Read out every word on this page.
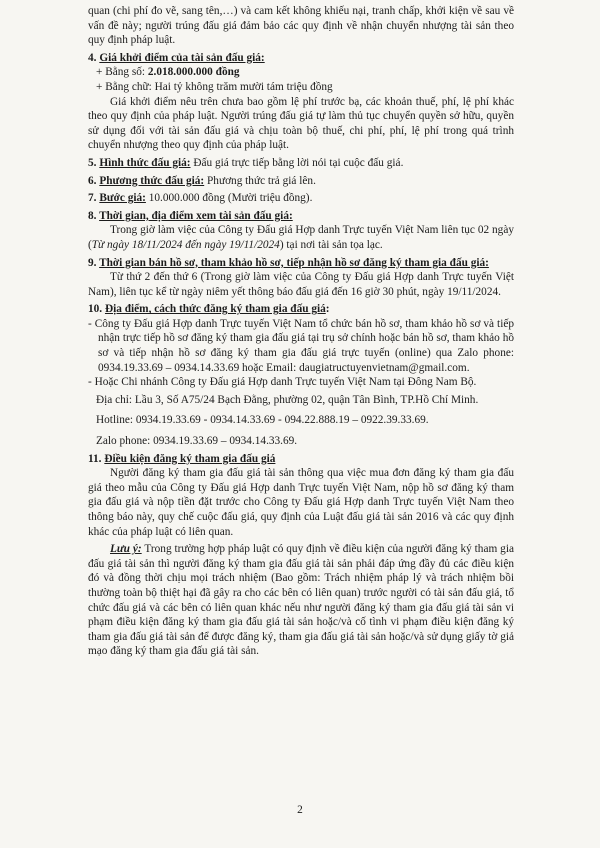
quan (chi phí đo vẽ, sang tên,…) và cam kết không khiếu nại, tranh chấp, khởi kiện về sau về vấn đề này; người trúng đấu giá đảm bảo các quy định về nhận chuyển nhượng tài sản theo quy định pháp luật.

4. Giá khởi điểm của tài sản đấu giá:

+ Bằng số: 2.018.000.000 đồng

+ Bằng chữ: Hai tỷ không trăm mười tám triệu đồng

Giá khởi điểm nêu trên chưa bao gồm lệ phí trước bạ, các khoản thuế, phí, lệ phí khác theo quy định của pháp luật. Người trúng đấu giá tự làm thủ tục chuyển quyền sở hữu, quyền sử dụng đối với tài sản đấu giá và chịu toàn bộ thuế, chi phí, phí, lệ phí trong quá trình chuyển nhượng theo quy định của pháp luật.

5. Hình thức đấu giá: Đấu giá trực tiếp bằng lời nói tại cuộc đấu giá.

6. Phương thức đấu giá: Phương thức trả giá lên.

7. Bước giá: 10.000.000 đồng (Mười triệu đồng).

8. Thời gian, địa điểm xem tài sản đấu giá:

Trong giờ làm việc của Công ty Đấu giá Hợp danh Trực tuyến Việt Nam liên tục 02 ngày (Từ ngày 18/11/2024 đến ngày 19/11/2024) tại nơi tài sản tọa lạc.

9. Thời gian bán hồ sơ, tham khảo hồ sơ, tiếp nhận hồ sơ đăng ký tham gia đấu giá:

Từ thứ 2 đến thứ 6 (Trong giờ làm việc của Công ty Đấu giá Hợp danh Trực tuyến Việt Nam), liên tục kể từ ngày niêm yết thông báo đấu giá đến 16 giờ 30 phút, ngày 19/11/2024.

10. Địa điểm, cách thức đăng ký tham gia đấu giá:

- Công ty Đấu giá Hợp danh Trực tuyến Việt Nam tổ chức bán hồ sơ, tham khảo hồ sơ và tiếp nhận trực tiếp hồ sơ đăng ký tham gia đấu giá tại trụ sở chính hoặc bán hồ sơ, tham khảo hồ sơ và tiếp nhận hồ sơ đăng ký tham gia đấu giá trực tuyến (online) qua Zalo phone: 0934.19.33.69 – 0934.14.33.69 hoặc Email: daugiatructuyenvietnam@gmail.com.

- Hoặc Chi nhánh Công ty Đấu giá Hợp danh Trực tuyến Việt Nam tại Đông Nam Bộ.

Địa chỉ: Lầu 3, Số A75/24 Bạch Đằng, phường 02, quận Tân Bình, TP.Hồ Chí Minh.

Hotline: 0934.19.33.69 - 0934.14.33.69 - 094.22.888.19 – 0922.39.33.69.

Zalo phone: 0934.19.33.69 – 0934.14.33.69.

11. Điều kiện đăng ký tham gia đấu giá

Người đăng ký tham gia đấu giá tài sản thông qua việc mua đơn đăng ký tham gia đấu giá theo mẫu của Công ty Đấu giá Hợp danh Trực tuyến Việt Nam, nộp hồ sơ đăng ký tham gia đấu giá và nộp tiền đặt trước cho Công ty Đấu giá Hợp danh Trực tuyến Việt Nam theo thông báo này, quy chế cuộc đấu giá, quy định của Luật đấu giá tài sản 2016 và các quy định khác của pháp luật có liên quan.

Lưu ý: Trong trường hợp pháp luật có quy định về điều kiện của người đăng ký tham gia đấu giá tài sản thì người đăng ký tham gia đấu giá tài sản phải đáp ứng đầy đủ các điều kiện đó và đồng thời chịu mọi trách nhiệm (Bao gồm: Trách nhiệm pháp lý và trách nhiệm bồi thường toàn bộ thiệt hại đã gây ra cho các bên có liên quan) trước người có tài sản đấu giá, tổ chức đấu giá và các bên có liên quan khác nếu như người đăng ký tham gia đấu giá tài sản vi phạm điều kiện đăng ký tham gia đấu giá tài sản hoặc/và cố tình vi phạm điều kiện đăng ký tham gia đấu giá tài sản để được đăng ký, tham gia đấu giá tài sản hoặc/và sử dụng giấy tờ giả mạo đăng ký tham gia đấu giá tài sản.

2
